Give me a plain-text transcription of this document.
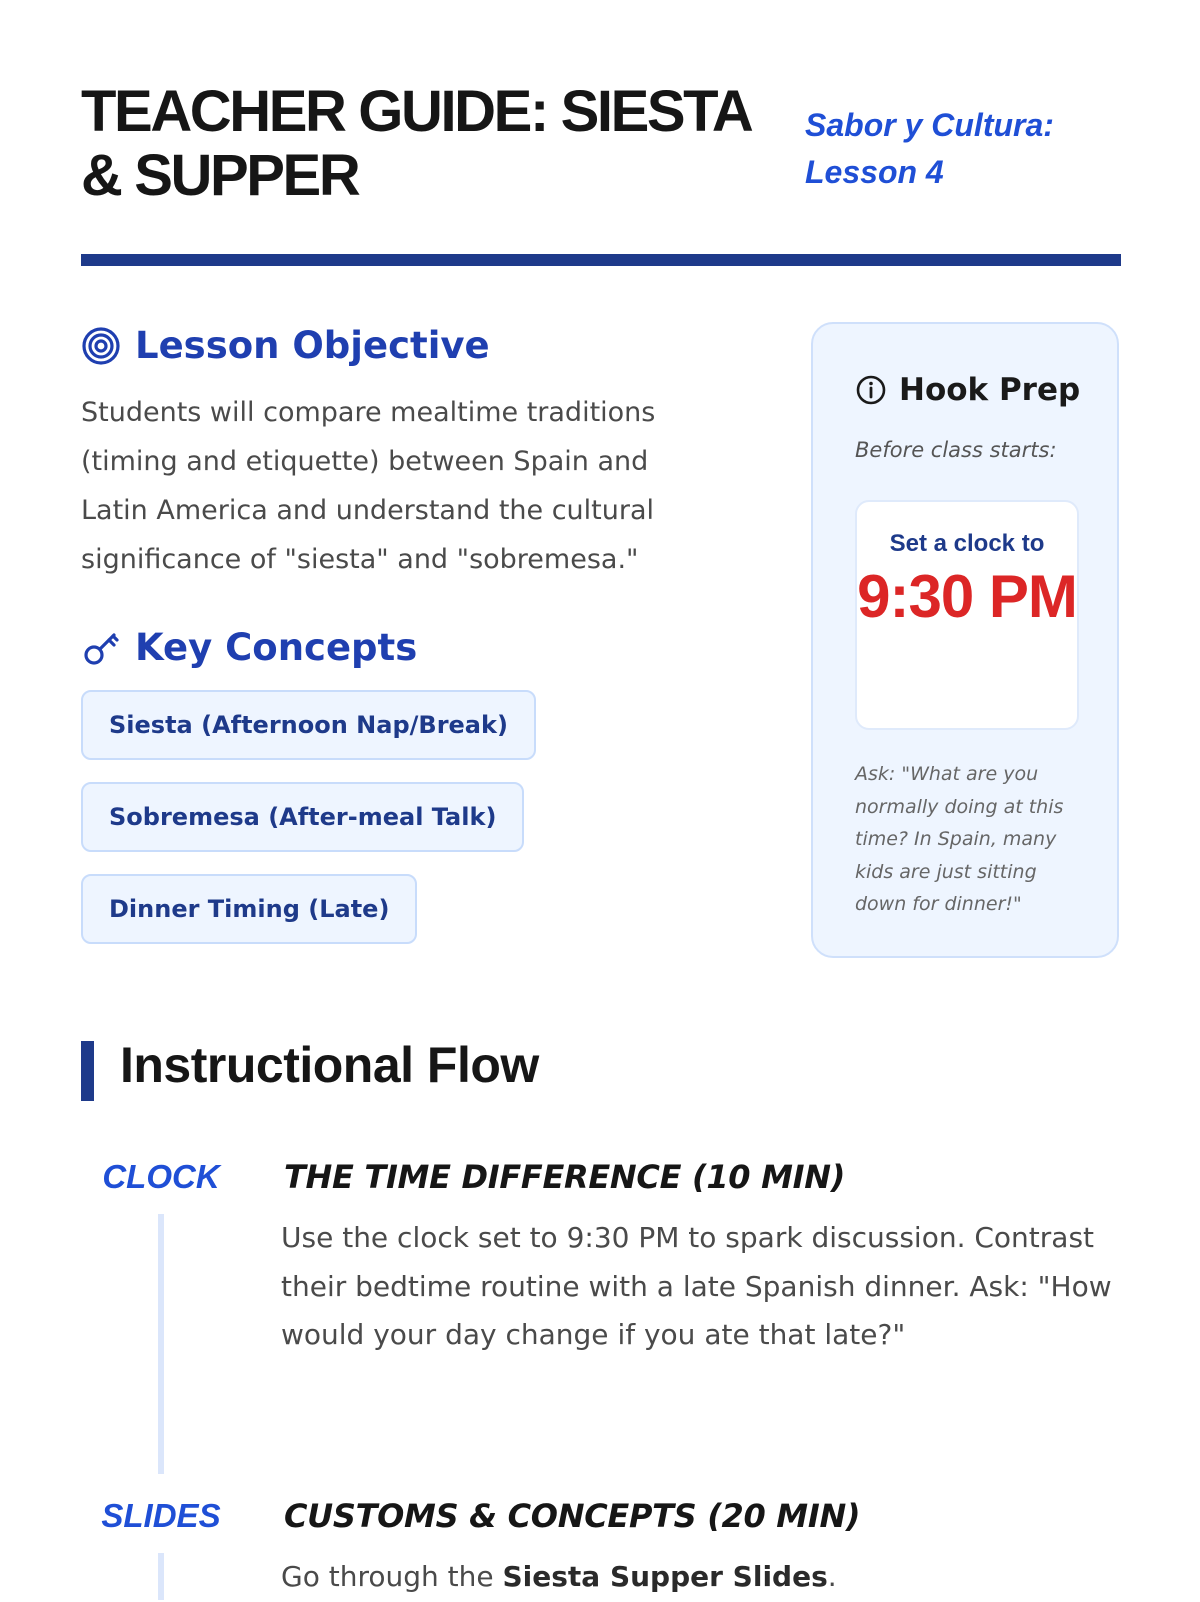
TEACHER GUIDE: SIESTA & SUPPER
Sabor y Cultura: Lesson 4
Lesson Objective

Students will compare mealtime traditions (timing and etiquette) between Spain and Latin America and understand the cultural significance of "siesta" and "sobremesa."

Key Concepts
Siesta (Afternoon Nap/Break)
Sobremesa (After-meal Talk)
Dinner Timing (Late)
Hook Prep
Before class starts:
Set a clock to
9:30 PM
Ask: "What are you normally doing at this time? In Spain, many kids are just sitting down for dinner!"
Instructional Flow
CLOCK	THE TIME DIFFERENCE (10 MIN)

Use the clock set to 9:30 PM to spark discussion. Contrast their bedtime routine with a late Spanish dinner. Ask: "How would your day change if you ate that late?"

SLIDES	CUSTOMS & CONCEPTS (20 MIN)

Go through the Siesta Supper Slides.
